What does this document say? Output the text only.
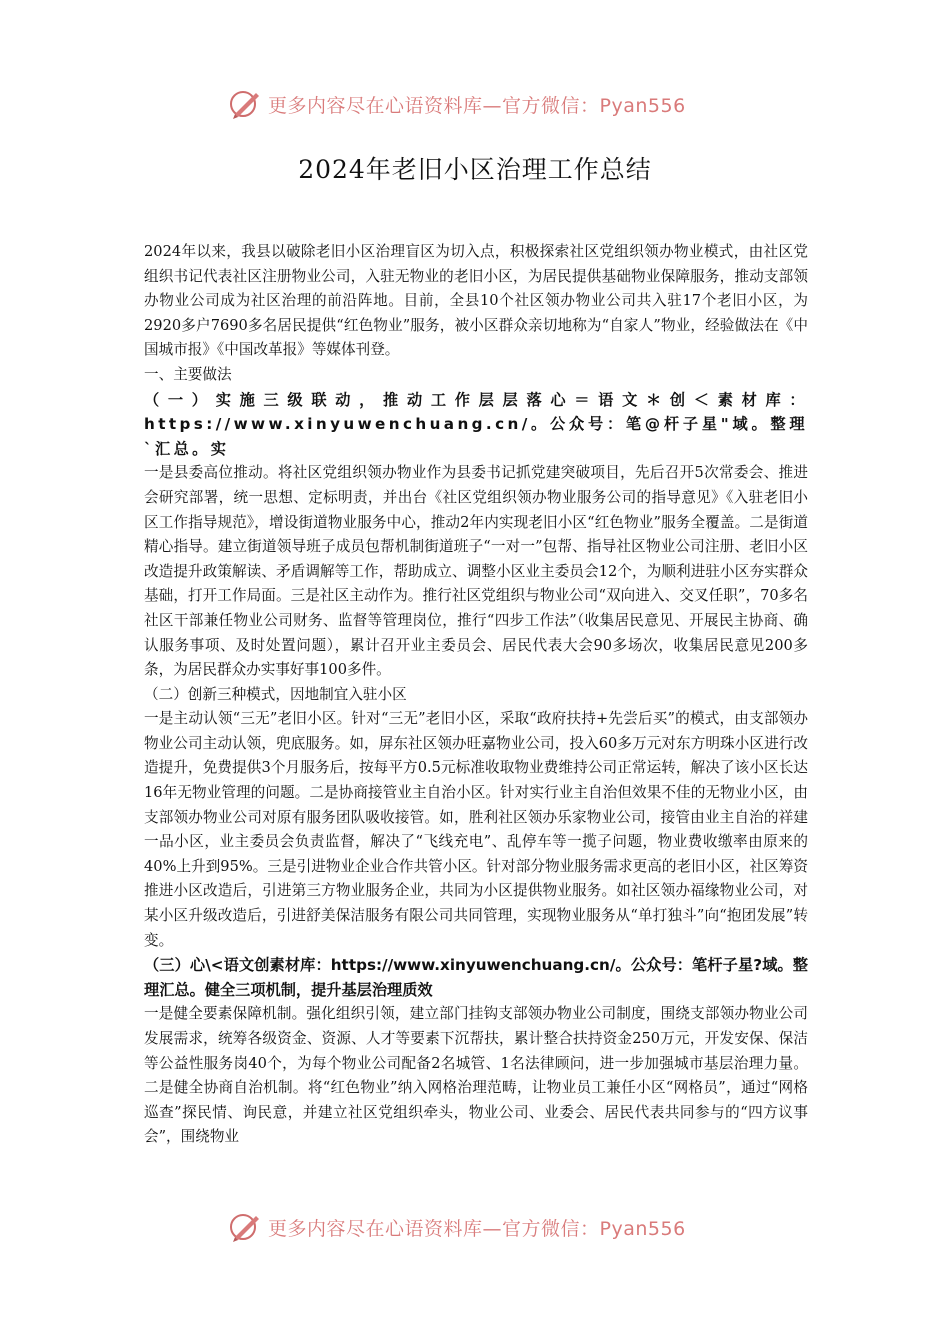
更多内容尽在心语资料库—官方微信：Pyan556
2024年老旧小区治理工作总结

2024年以来，我县以破除老旧小区治理盲区为切入点，积极探索社区党组织领办物业模式，由社区党组织书记代表社区注册物业公司，入驻无物业的老旧小区，为居民提供基础物业保障服务，推动支部领办物业公司成为社区治理的前沿阵地。目前，全县10个社区领办物业公司共入驻17个老旧小区，为2920多户7690多名居民提供“红色物业”服务，被小区群众亲切地称为“自家人”物业，经验做法在《中国城市报》《中国改革报》等媒体刊登。

一、主要做法

（一）实施三级联动，推动工作层层落心＝语文＊创＜素材库：https://www.xinyuwenchuang.cn/。公众号：笔@杆子星"域。整理`汇总。实

一是县委高位推动。将社区党组织领办物业作为县委书记抓党建突破项目，先后召开5次常委会、推进会研究部署，统一思想、定标明责，并出台《社区党组织领办物业服务公司的指导意见》《入驻老旧小区工作指导规范》，增设街道物业服务中心，推动2年内实现老旧小区“红色物业”服务全覆盖。二是街道精心指导。建立街道领导班子成员包帮机制街道班子“一对一”包帮、指导社区物业公司注册、老旧小区改造提升政策解读、矛盾调解等工作，帮助成立、调整小区业主委员会12个，为顺利进驻小区夯实群众基础，打开工作局面。三是社区主动作为。推行社区党组织与物业公司“双向进入、交叉任职”，70多名社区干部兼任物业公司财务、监督等管理岗位，推行“四步工作法”（收集居民意见、开展民主协商、确认服务事项、及时处置问题），累计召开业主委员会、居民代表大会90多场次，收集居民意见200多条，为居民群众办实事好事100多件。

（二）创新三种模式，因地制宜入驻小区

一是主动认领“三无”老旧小区。针对“三无”老旧小区，采取“政府扶持+先尝后买”的模式，由支部领办物业公司主动认领，兜底服务。如，屏东社区领办旺嘉物业公司，投入60多万元对东方明珠小区进行改造提升，免费提供3个月服务后，按每平方0.5元标准收取物业费维持公司正常运转，解决了该小区长达16年无物业管理的问题。二是协商接管业主自治小区。针对实行业主自治但效果不佳的无物业小区，由支部领办物业公司对原有服务团队吸收接管。如，胜利社区领办乐家物业公司，接管由业主自治的祥建一品小区，业主委员会负责监督，解决了“飞线充电”、乱停车等一揽子问题，物业费收缴率由原来的40%上升到95%。三是引进物业企业合作共管小区。针对部分物业服务需求更高的老旧小区，社区筹资推进小区改造后，引进第三方物业服务企业，共同为小区提供物业服务。如社区领办福缘物业公司，对某小区升级改造后，引进舒美保洁服务有限公司共同管理，实现物业服务从“单打独斗”向“抱团发展”转变。

（三）心\<语文创素材库：https://www.xinyuwenchuang.cn/。公众号：笔杆子星?域。整理汇总。健全三项机制，提升基层治理质效

一是健全要素保障机制。强化组织引领，建立部门挂钩支部领办物业公司制度，围绕支部领办物业公司发展需求，统筹各级资金、资源、人才等要素下沉帮扶，累计整合扶持资金250万元，开发安保、保洁等公益性服务岗40个，为每个物业公司配备2名城管、1名法律顾问，进一步加强城市基层治理力量。二是健全协商自治机制。将“红色物业”纳入网格治理范畴，让物业员工兼任小区“网格员”，通过“网格巡查”探民情、询民意，并建立社区党组织牵头，物业公司、业委会、居民代表共同参与的“四方议事会”，围绕物业

更多内容尽在心语资料库—官方微信：Pyan556
